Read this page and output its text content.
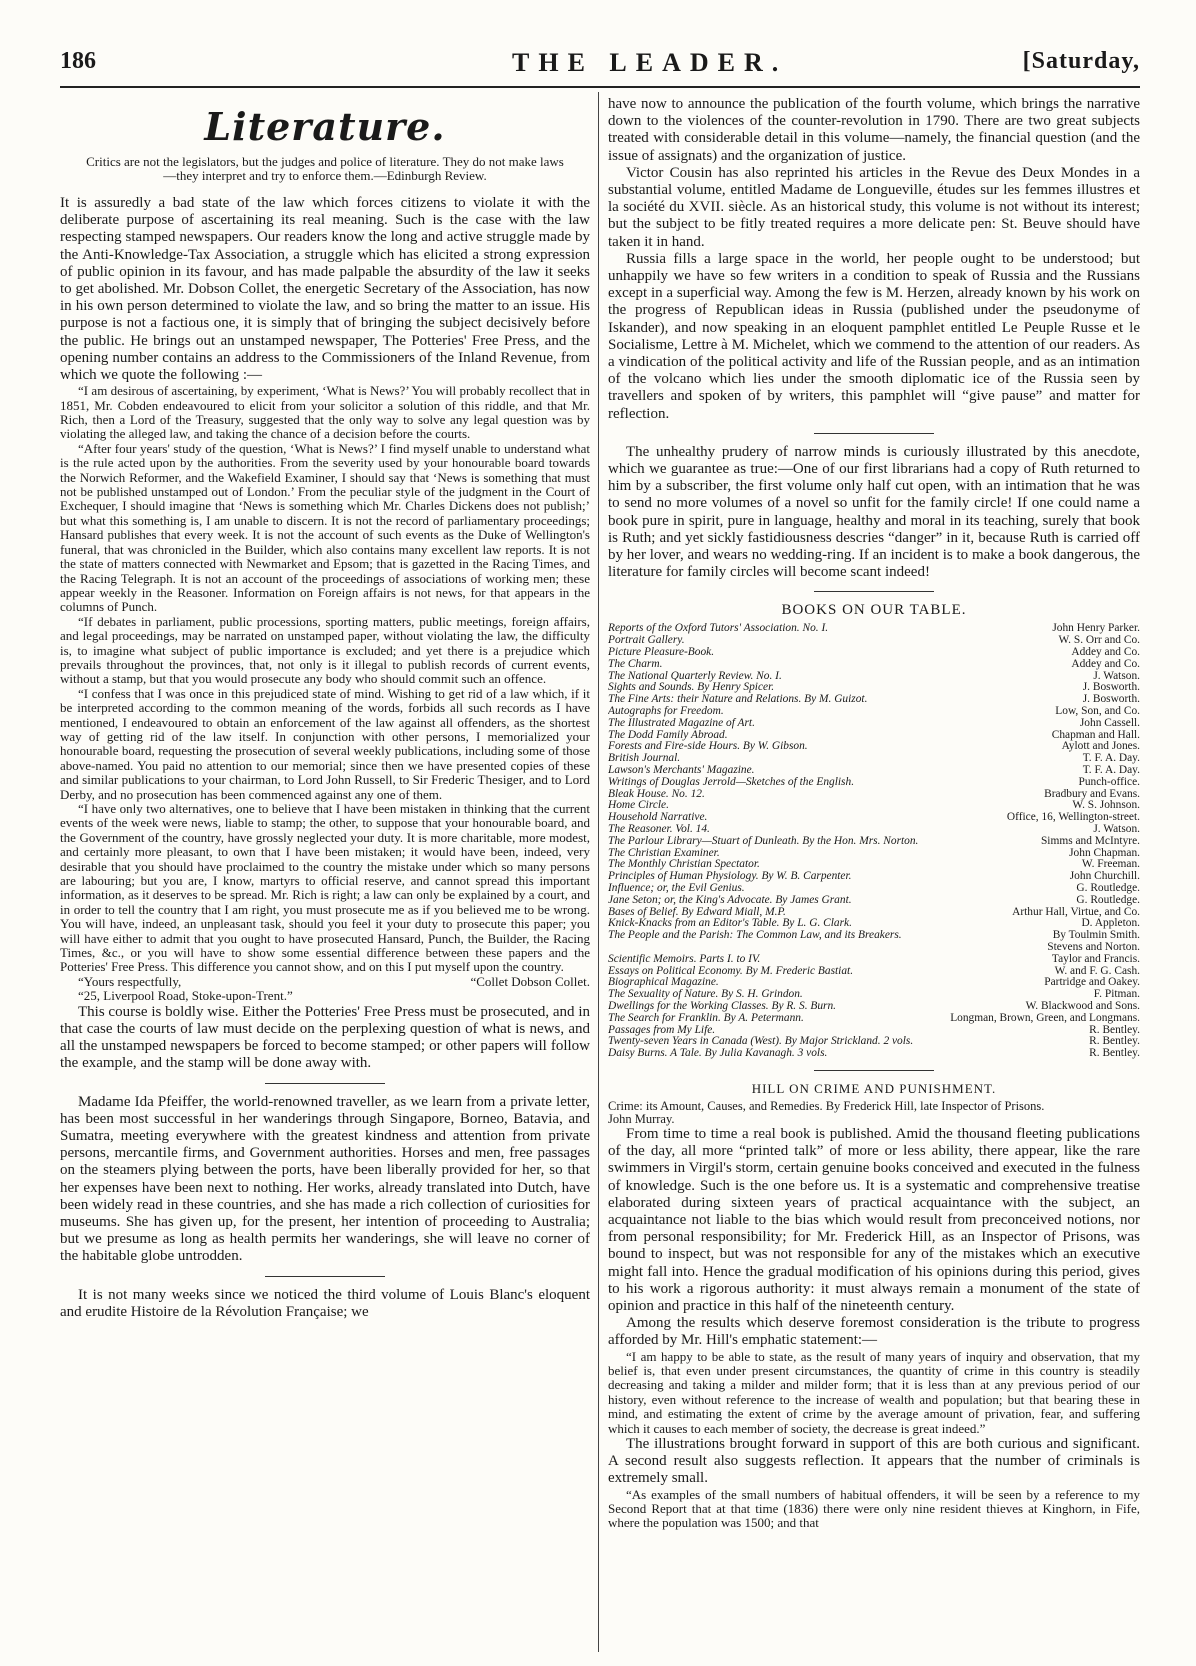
186	THE LEADER.	[Saturday,
Literature.

Critics are not the legislators, but the judges and police of literature. They do not make laws—they interpret and try to enforce them.—Edinburgh Review.

It is assuredly a bad state of the law which forces citizens to violate it with the deliberate purpose of ascertaining its real meaning. Such is the case with the law respecting stamped newspapers. Our readers know the long and active struggle made by the Anti-Knowledge-Tax Association, a struggle which has elicited a strong expression of public opinion in its favour, and has made palpable the absurdity of the law it seeks to get abolished. Mr. Dobson Collet, the energetic Secretary of the Association, has now in his own person determined to violate the law, and so bring the matter to an issue. His purpose is not a factious one, it is simply that of bringing the subject decisively before the public. He brings out an unstamped newspaper, The Potteries' Free Press, and the opening number contains an address to the Commissioners of the Inland Revenue, from which we quote the following :—

“I am desirous of ascertaining, by experiment, ‘What is News?’ You will probably recollect that in 1851, Mr. Cobden endeavoured to elicit from your solicitor a solution of this riddle, and that Mr. Rich, then a Lord of the Treasury, suggested that the only way to solve any legal question was by violating the alleged law, and taking the chance of a decision before the courts.

“After four years' study of the question, ‘What is News?’ I find myself unable to understand what is the rule acted upon by the authorities. From the severity used by your honourable board towards the Norwich Reformer, and the Wakefield Examiner, I should say that ‘News is something that must not be published unstamped out of London.’ From the peculiar style of the judgment in the Court of Exchequer, I should imagine that ‘News is something which Mr. Charles Dickens does not publish;’ but what this something is, I am unable to discern. It is not the record of parliamentary proceedings; Hansard publishes that every week. It is not the account of such events as the Duke of Wellington's funeral, that was chronicled in the Builder, which also contains many excellent law reports. It is not the state of matters connected with Newmarket and Epsom; that is gazetted in the Racing Times, and the Racing Telegraph. It is not an account of the proceedings of associations of working men; these appear weekly in the Reasoner. Information on Foreign affairs is not news, for that appears in the columns of Punch.

“If debates in parliament, public processions, sporting matters, public meetings, foreign affairs, and legal proceedings, may be narrated on unstamped paper, without violating the law, the difficulty is, to imagine what subject of public importance is excluded; and yet there is a prejudice which prevails throughout the provinces, that, not only is it illegal to publish records of current events, without a stamp, but that you would prosecute any body who should commit such an offence.

“I confess that I was once in this prejudiced state of mind. Wishing to get rid of a law which, if it be interpreted according to the common meaning of the words, forbids all such records as I have mentioned, I endeavoured to obtain an enforcement of the law against all offenders, as the shortest way of getting rid of the law itself. In conjunction with other persons, I memorialized your honourable board, requesting the prosecution of several weekly publications, including some of those above-named. You paid no attention to our memorial; since then we have presented copies of these and similar publications to your chairman, to Lord John Russell, to Sir Frederic Thesiger, and to Lord Derby, and no prosecution has been commenced against any one of them.

“I have only two alternatives, one to believe that I have been mistaken in thinking that the current events of the week were news, liable to stamp; the other, to suppose that your honourable board, and the Government of the country, have grossly neglected your duty. It is more charitable, more modest, and certainly more pleasant, to own that I have been mistaken; it would have been, indeed, very desirable that you should have proclaimed to the country the mistake under which so many persons are labouring; but you are, I know, martyrs to official reserve, and cannot spread this important information, as it deserves to be spread. Mr. Rich is right; a law can only be explained by a court, and in order to tell the country that I am right, you must prosecute me as if you believed me to be wrong. You will have, indeed, an unpleasant task, should you feel it your duty to prosecute this paper; you will have either to admit that you ought to have prosecuted Hansard, Punch, the Builder, the Racing Times, &c., or you will have to show some essential difference between these papers and the Potteries' Free Press. This difference you cannot show, and on this I put myself upon the country.

“Yours respectfully,	“Collet Dobson Collet.

“25, Liverpool Road, Stoke-upon-Trent.”

This course is boldly wise. Either the Potteries' Free Press must be prosecuted, and in that case the courts of law must decide on the perplexing question of what is news, and all the unstamped newspapers be forced to become stamped; or other papers will follow the example, and the stamp will be done away with.

Madame Ida Pfeiffer, the world-renowned traveller, as we learn from a private letter, has been most successful in her wanderings through Singapore, Borneo, Batavia, and Sumatra, meeting everywhere with the greatest kindness and attention from private persons, mercantile firms, and Government authorities. Horses and men, free passages on the steamers plying between the ports, have been liberally provided for her, so that her expenses have been next to nothing. Her works, already translated into Dutch, have been widely read in these countries, and she has made a rich collection of curiosities for museums. She has given up, for the present, her intention of proceeding to Australia; but we presume as long as health permits her wanderings, she will leave no corner of the habitable globe untrodden.

It is not many weeks since we noticed the third volume of Louis Blanc's eloquent and erudite Histoire de la Révolution Française; we

have now to announce the publication of the fourth volume, which brings the narrative down to the violences of the counter-revolution in 1790. There are two great subjects treated with considerable detail in this volume—namely, the financial question (and the issue of assignats) and the organization of justice.

Victor Cousin has also reprinted his articles in the Revue des Deux Mondes in a substantial volume, entitled Madame de Longueville, études sur les femmes illustres et la société du XVII. siècle. As an historical study, this volume is not without its interest; but the subject to be fitly treated requires a more delicate pen: St. Beuve should have taken it in hand.

Russia fills a large space in the world, her people ought to be understood; but unhappily we have so few writers in a condition to speak of Russia and the Russians except in a superficial way. Among the few is M. Herzen, already known by his work on the progress of Republican ideas in Russia (published under the pseudonyme of Iskander), and now speaking in an eloquent pamphlet entitled Le Peuple Russe et le Socialisme, Lettre à M. Michelet, which we commend to the attention of our readers. As a vindication of the political activity and life of the Russian people, and as an intimation of the volcano which lies under the smooth diplomatic ice of the Russia seen by travellers and spoken of by writers, this pamphlet will “give pause” and matter for reflection.

The unhealthy prudery of narrow minds is curiously illustrated by this anecdote, which we guarantee as true:—One of our first librarians had a copy of Ruth returned to him by a subscriber, the first volume only half cut open, with an intimation that he was to send no more volumes of a novel so unfit for the family circle! If one could name a book pure in spirit, pure in language, healthy and moral in its teaching, surely that book is Ruth; and yet sickly fastidiousness descries “danger” in it, because Ruth is carried off by her lover, and wears no wedding-ring. If an incident is to make a book dangerous, the literature for family circles will become scant indeed!

BOOKS ON OUR TABLE.
Reports of the Oxford Tutors' Association. No. I.	John Henry Parker.
Portrait Gallery.	W. S. Orr and Co.
Picture Pleasure-Book.	Addey and Co.
The Charm.	Addey and Co.
The National Quarterly Review. No. I.	J. Watson.
Sights and Sounds. By Henry Spicer.	J. Bosworth.
The Fine Arts: their Nature and Relations. By M. Guizot.	J. Bosworth.
Autographs for Freedom.	Low, Son, and Co.
The Illustrated Magazine of Art.	John Cassell.
The Dodd Family Abroad.	Chapman and Hall.
Forests and Fire-side Hours. By W. Gibson.	Aylott and Jones.
British Journal.	T. F. A. Day.
Lawson's Merchants' Magazine.	T. F. A. Day.
Writings of Douglas Jerrold—Sketches of the English.	Punch-office.
Bleak House. No. 12.	Bradbury and Evans.
Home Circle.	W. S. Johnson.
Household Narrative.	Office, 16, Wellington-street.
The Reasoner. Vol. 14.	J. Watson.
The Parlour Library—Stuart of Dunleath. By the Hon. Mrs. Norton.	Simms and McIntyre.
The Christian Examiner.	John Chapman.
The Monthly Christian Spectator.	W. Freeman.
Principles of Human Physiology. By W. B. Carpenter.	John Churchill.
Influence; or, the Evil Genius.	G. Routledge.
Jane Seton; or, the King's Advocate. By James Grant.	G. Routledge.
Bases of Belief. By Edward Miall, M.P.	Arthur Hall, Virtue, and Co.
Knick-Knacks from an Editor's Table. By L. G. Clark.	D. Appleton.
The People and the Parish: The Common Law, and its Breakers.	By Toulmin Smith.
Stevens and Norton.
Scientific Memoirs. Parts I. to IV.	Taylor and Francis.
Essays on Political Economy. By M. Frederic Bastiat.	W. and F. G. Cash.
Biographical Magazine.	Partridge and Oakey.
The Sexuality of Nature. By S. H. Grindon.	F. Pitman.
Dwellings for the Working Classes. By R. S. Burn.	W. Blackwood and Sons.
The Search for Franklin. By A. Petermann.	Longman, Brown, Green, and Longmans.
Passages from My Life.	R. Bentley.
Twenty-seven Years in Canada (West). By Major Strickland. 2 vols.	R. Bentley.
Daisy Burns. A Tale. By Julia Kavanagh. 3 vols.	R. Bentley.
HILL ON CRIME AND PUNISHMENT.

Crime: its Amount, Causes, and Remedies. By Frederick Hill, late Inspector of Prisons.

John Murray.

From time to time a real book is published. Amid the thousand fleeting publications of the day, all more “printed talk” of more or less ability, there appear, like the rare swimmers in Virgil's storm, certain genuine books conceived and executed in the fulness of knowledge. Such is the one before us. It is a systematic and comprehensive treatise elaborated during sixteen years of practical acquaintance with the subject, an acquaintance not liable to the bias which would result from preconceived notions, nor from personal responsibility; for Mr. Frederick Hill, as an Inspector of Prisons, was bound to inspect, but was not responsible for any of the mistakes which an executive might fall into. Hence the gradual modification of his opinions during this period, gives to his work a rigorous authority: it must always remain a monument of the state of opinion and practice in this half of the nineteenth century.

Among the results which deserve foremost consideration is the tribute to progress afforded by Mr. Hill's emphatic statement:—

“I am happy to be able to state, as the result of many years of inquiry and observation, that my belief is, that even under present circumstances, the quantity of crime in this country is steadily decreasing and taking a milder and milder form; that it is less than at any previous period of our history, even without reference to the increase of wealth and population; but that bearing these in mind, and estimating the extent of crime by the average amount of privation, fear, and suffering which it causes to each member of society, the decrease is great indeed.”

The illustrations brought forward in support of this are both curious and significant. A second result also suggests reflection. It appears that the number of criminals is extremely small.

“As examples of the small numbers of habitual offenders, it will be seen by a reference to my Second Report that at that time (1836) there were only nine resident thieves at Kinghorn, in Fife, where the population was 1500; and that
